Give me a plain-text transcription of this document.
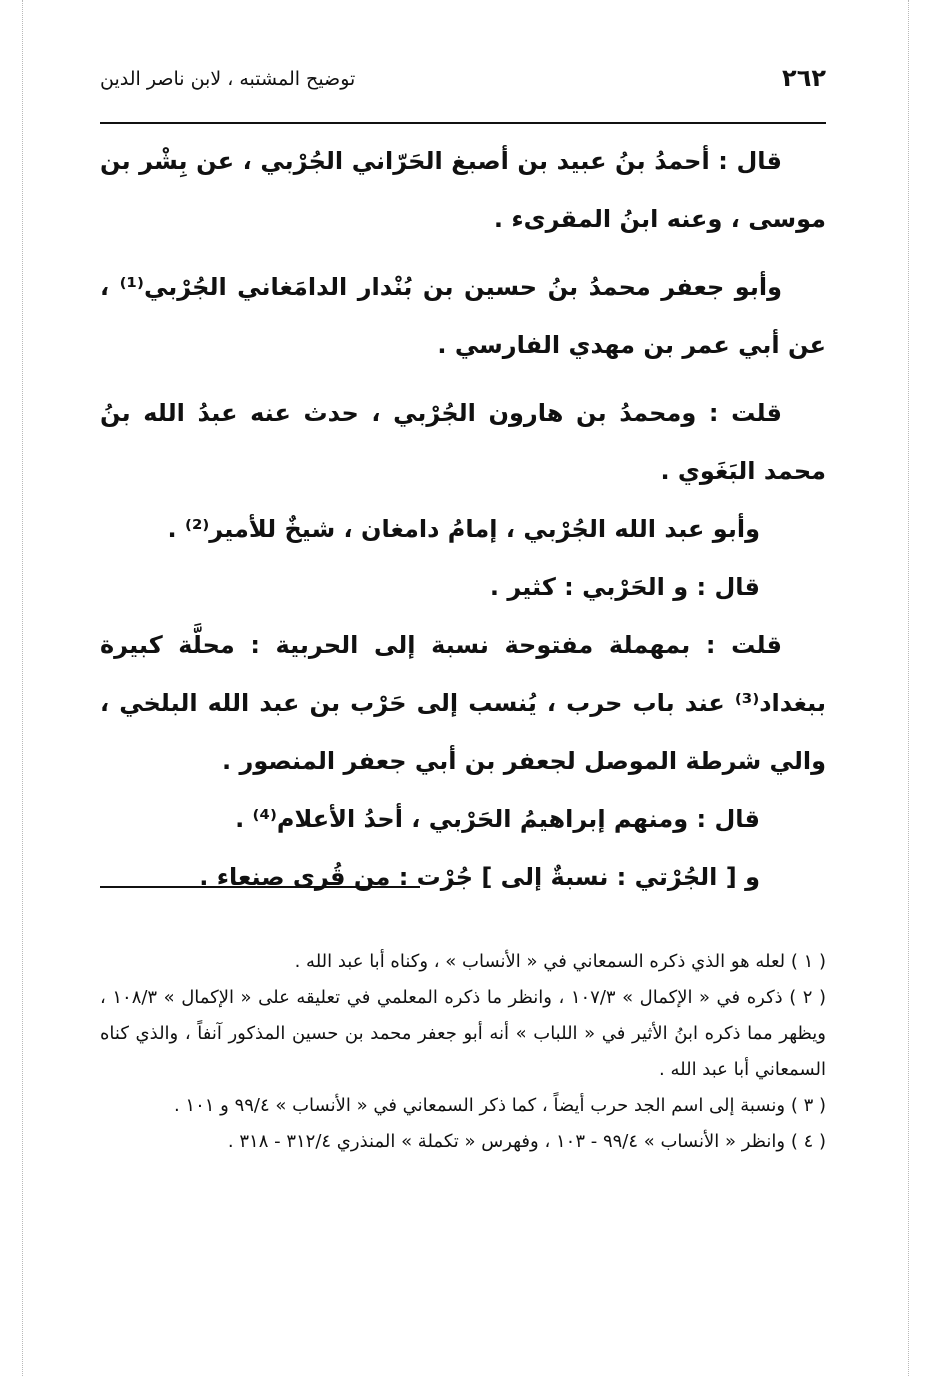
٢٦٢
توضيح المشتبه ، لابن ناصر الدين

قال : أحمدُ بنُ عبيد بن أصبغ الحَرّاني الجُرْبي ، عن بِشْر بن موسى ، وعنه ابنُ المقرىء .

وأبو جعفر محمدُ بنُ حسين بن بُنْدار الدامَغاني الجُرْبي⁽¹⁾ ، عن أبي عمر بن مهدي الفارسي .

قلت : ومحمدُ بن هارون الجُرْبي ، حدث عنه عبدُ الله بنُ محمد البَغَوي .

وأبو عبد الله الجُرْبي ، إمامُ دامغان ، شيخٌ للأمير⁽²⁾ .

قال : و الحَرْبي : كثير .

قلت : بمهملة مفتوحة نسبة إلى الحربية : محلَّة كبيرة ببغداد⁽³⁾ عند باب حرب ، يُنسب إلى حَرْب بن عبد الله البلخي ، والي شرطة الموصل لجعفر بن أبي جعفر المنصور .

قال : ومنهم إبراهيمُ الحَرْبي ، أحدُ الأعلام⁽⁴⁾ .

و [ الجُرْتي : نسبةٌ إلى ] جُرْت : من قُرى صنعاء .

( ١ ) لعله هو الذي ذكره السمعاني في « الأنساب » ، وكناه أبا عبد الله .

( ٢ ) ذكره في « الإكمال » ١٠٧/٣ ، وانظر ما ذكره المعلمي في تعليقه على « الإكمال » ١٠٨/٣ ، ويظهر مما ذكره ابنُ الأثير في « اللباب » أنه أبو جعفر محمد بن حسين المذكور آنفاً ، والذي كناه السمعاني أبا عبد الله .

( ٣ ) ونسبة إلى اسم الجد حرب أيضاً ، كما ذكر السمعاني في « الأنساب » ٩٩/٤ و ١٠١ .

( ٤ ) وانظر « الأنساب » ٩٩/٤ - ١٠٣ ، وفهرس « تكملة » المنذري ٣١٢/٤ - ٣١٨ .
